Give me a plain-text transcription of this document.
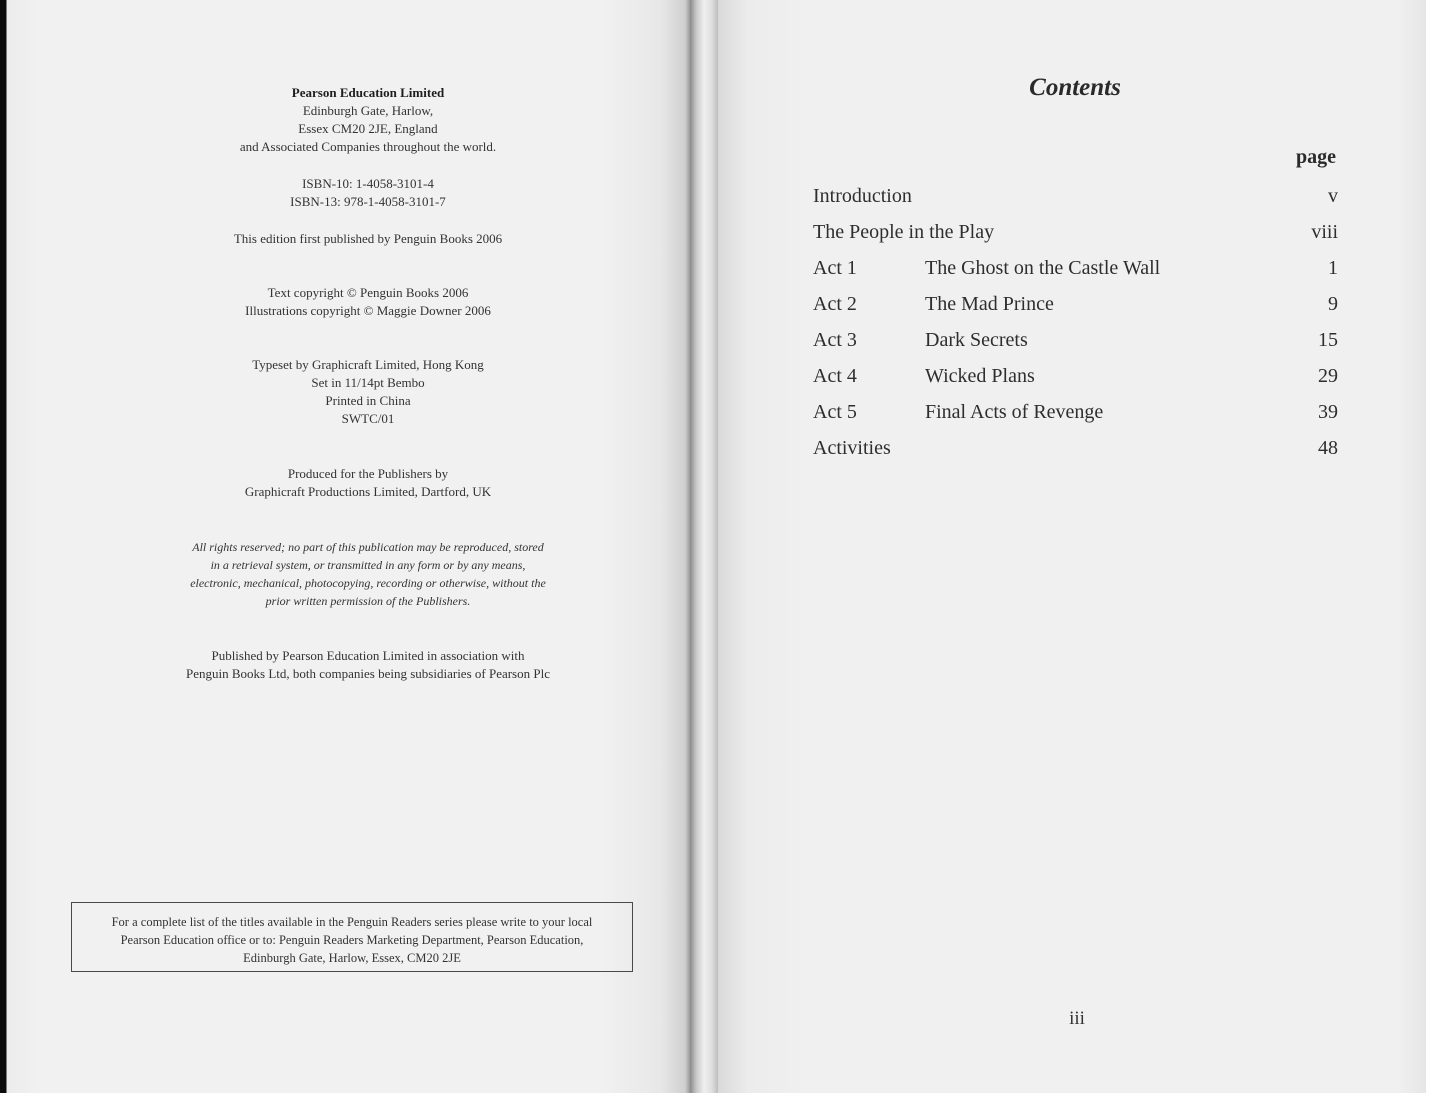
Pearson Education Limited

Edinburgh Gate, Harlow,

Essex CM20 2JE, England

and Associated Companies throughout the world.

ISBN-10: 1-4058-3101-4

ISBN-13: 978-1-4058-3101-7

This edition first published by Penguin Books 2006

Text copyright © Penguin Books 2006

Illustrations copyright © Maggie Downer 2006

Typeset by Graphicraft Limited, Hong Kong

Set in 11/14pt Bembo

Printed in China

SWTC/01

Produced for the Publishers by

Graphicraft Productions Limited, Dartford, UK

All rights reserved; no part of this publication may be reproduced, stored

in a retrieval system, or transmitted in any form or by any means,

electronic, mechanical, photocopying, recording or otherwise, without the

prior written permission of the Publishers.

Published by Pearson Education Limited in association with

Penguin Books Ltd, both companies being subsidiaries of Pearson Plc

For a complete list of the titles available in the Penguin Readers series please write to your local

Pearson Education office or to: Penguin Readers Marketing Department, Pearson Education,

Edinburgh Gate, Harlow, Essex, CM20 2JE

Contents
page
Introduction	v
The People in the Play	viii
Act 1	The Ghost on the Castle Wall	1
Act 2	The Mad Prince	9
Act 3	Dark Secrets	15
Act 4	Wicked Plans	29
Act 5	Final Acts of Revenge	39
Activities	48
iii
